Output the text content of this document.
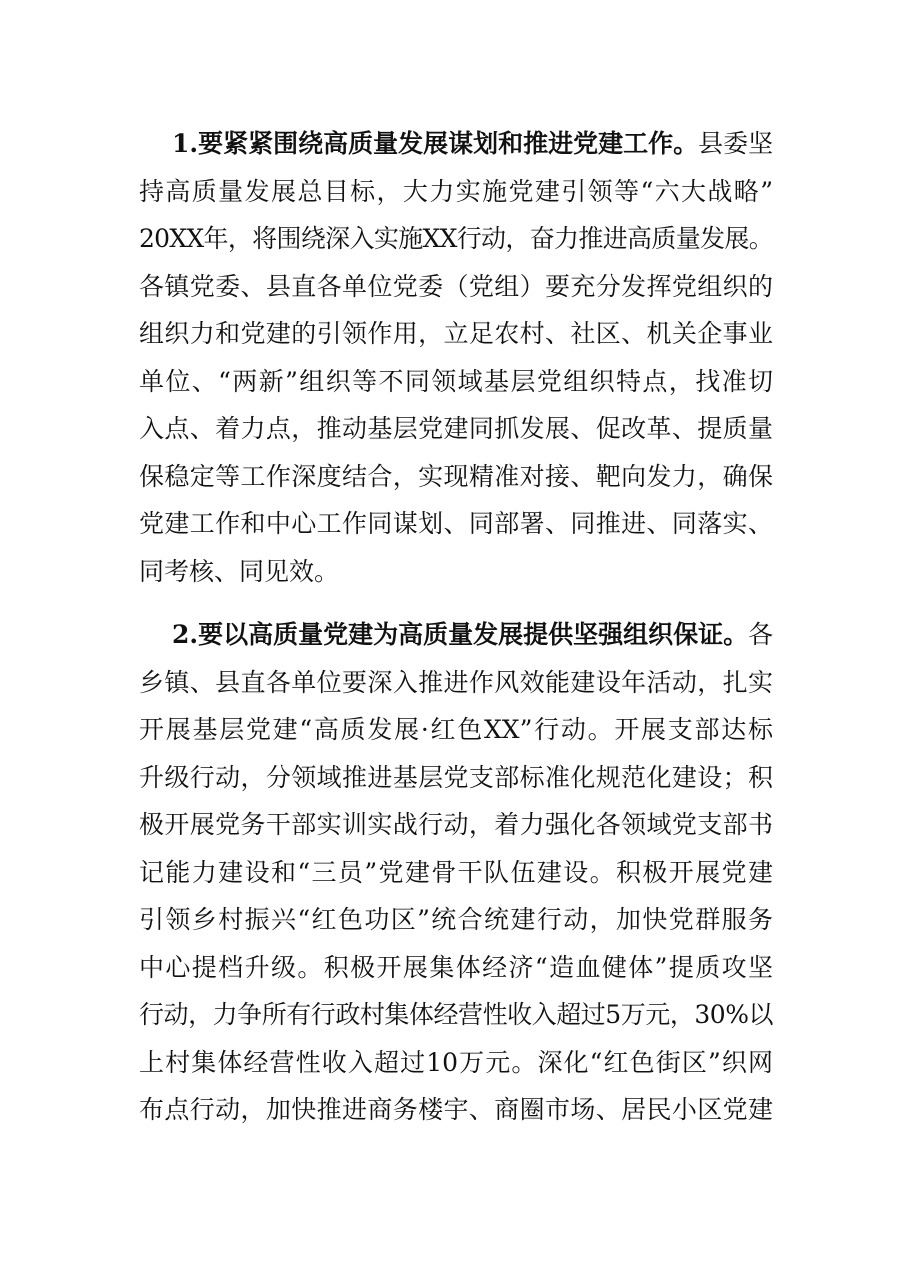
1.要紧紧围绕高质量发展谋划和推进党建工作。县委坚
持高质量发展总目标，大力实施党建引领等“六大战略”
20XX年，将围绕深入实施XX行动，奋力推进高质量发展。
各镇党委、县直各单位党委（党组）要充分发挥党组织的
组织力和党建的引领作用，立足农村、社区、机关企事业
单位、“两新”组织等不同领域基层党组织特点，找准切
入点、着力点，推动基层党建同抓发展、促改革、提质量
保稳定等工作深度结合，实现精准对接、靶向发力，确保
党建工作和中心工作同谋划、同部署、同推进、同落实、
同考核、同见效。
2.要以高质量党建为高质量发展提供坚强组织保证。各
乡镇、县直各单位要深入推进作风效能建设年活动，扎实
开展基层党建“高质发展·红色XX”行动。开展支部达标
升级行动，分领域推进基层党支部标准化规范化建设；积
极开展党务干部实训实战行动，着力强化各领域党支部书
记能力建设和“三员”党建骨干队伍建设。积极开展党建
引领乡村振兴“红色功区”统合统建行动，加快党群服务
中心提档升级。积极开展集体经济“造血健体”提质攻坚
行动，力争所有行政村集体经营性收入超过5万元，30%以
上村集体经营性收入超过10万元。深化“红色街区”织网
布点行动，加快推进商务楼宇、商圈市场、居民小区党建
